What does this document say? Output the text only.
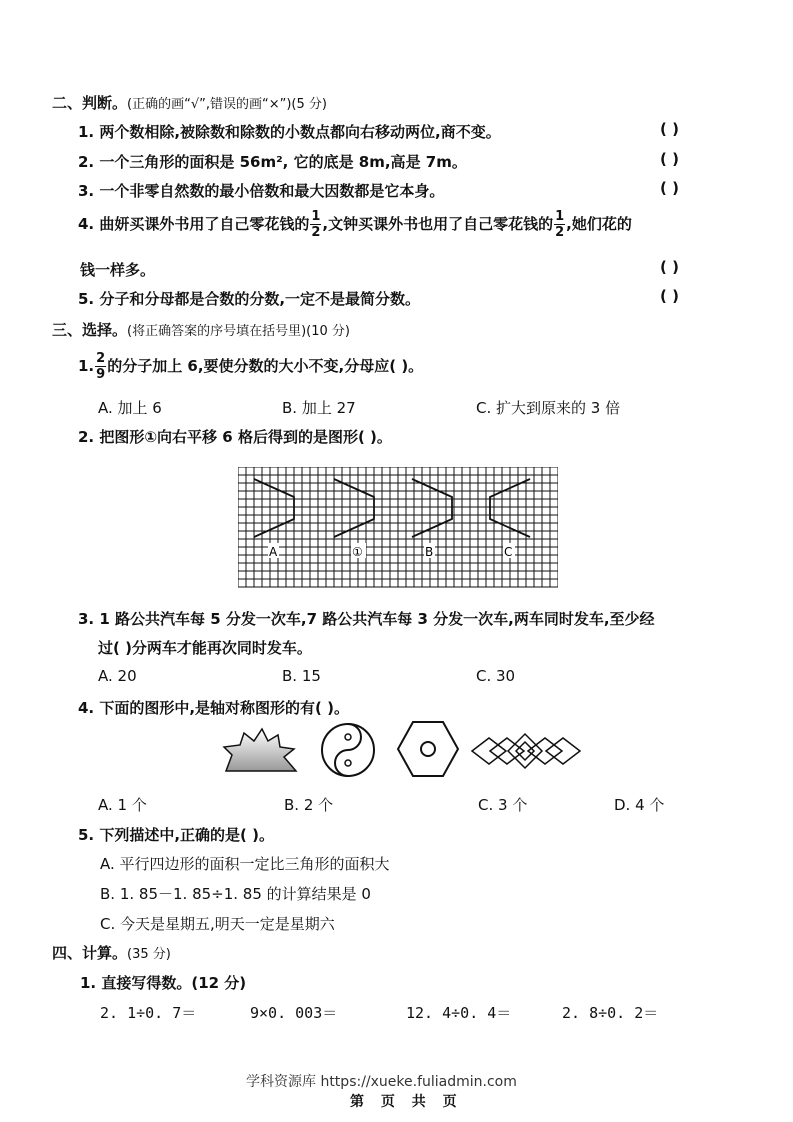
二、判断。(正确的画“√”,错误的画“×”)(5 分)
1. 两个数相除,被除数和除数的小数点都向右移动两位,商不变。	( )
2. 一个三角形的面积是 56m², 它的底是 8m,高是 7m。	( )
3. 一个非零自然数的最小倍数和最大因数都是它本身。	( )
4. 曲妍买课外书用了自己零花钱的 $\frac{1}{2}$ ,文钟买课外书也用了自己零花钱的 $\frac{1}{2}$ ,她们花的
钱一样多。	( )
5. 分子和分母都是合数的分数,一定不是最简分数。	( )
三、选择。(将正确答案的序号填在括号里)(10 分)
1. $\frac{2}{9}$ 的分子加上 6,要使分数的大小不变,分母应( )。
A. 加上 6	B. 加上 27	C. 扩大到原来的 3 倍
2. 把图形①向右平移 6 格后得到的是图形( )。
A	①	B	C
3. 1 路公共汽车每 5 分发一次车,7 路公共汽车每 3 分发一次车,两车同时发车,至少经
过( )分两车才能再次同时发车。
A. 20	B. 15	C. 30
4. 下面的图形中,是轴对称图形的有( )。
A. 1 个	B. 2 个	C. 3 个	D. 4 个
5. 下列描述中,正确的是( )。
A. 平行四边形的面积一定比三角形的面积大
B. 1. 85－1. 85÷1. 85 的计算结果是 0
C. 今天是星期五,明天一定是星期六
四、计算。(35 分)
1. 直接写得数。(12 分)
2. 1÷0. 7＝	9×0. 003＝	12. 4÷0. 4＝	2. 8÷0. 2＝
学科资源库 https://xueke.fuliadmin.com
第 页 共 页
